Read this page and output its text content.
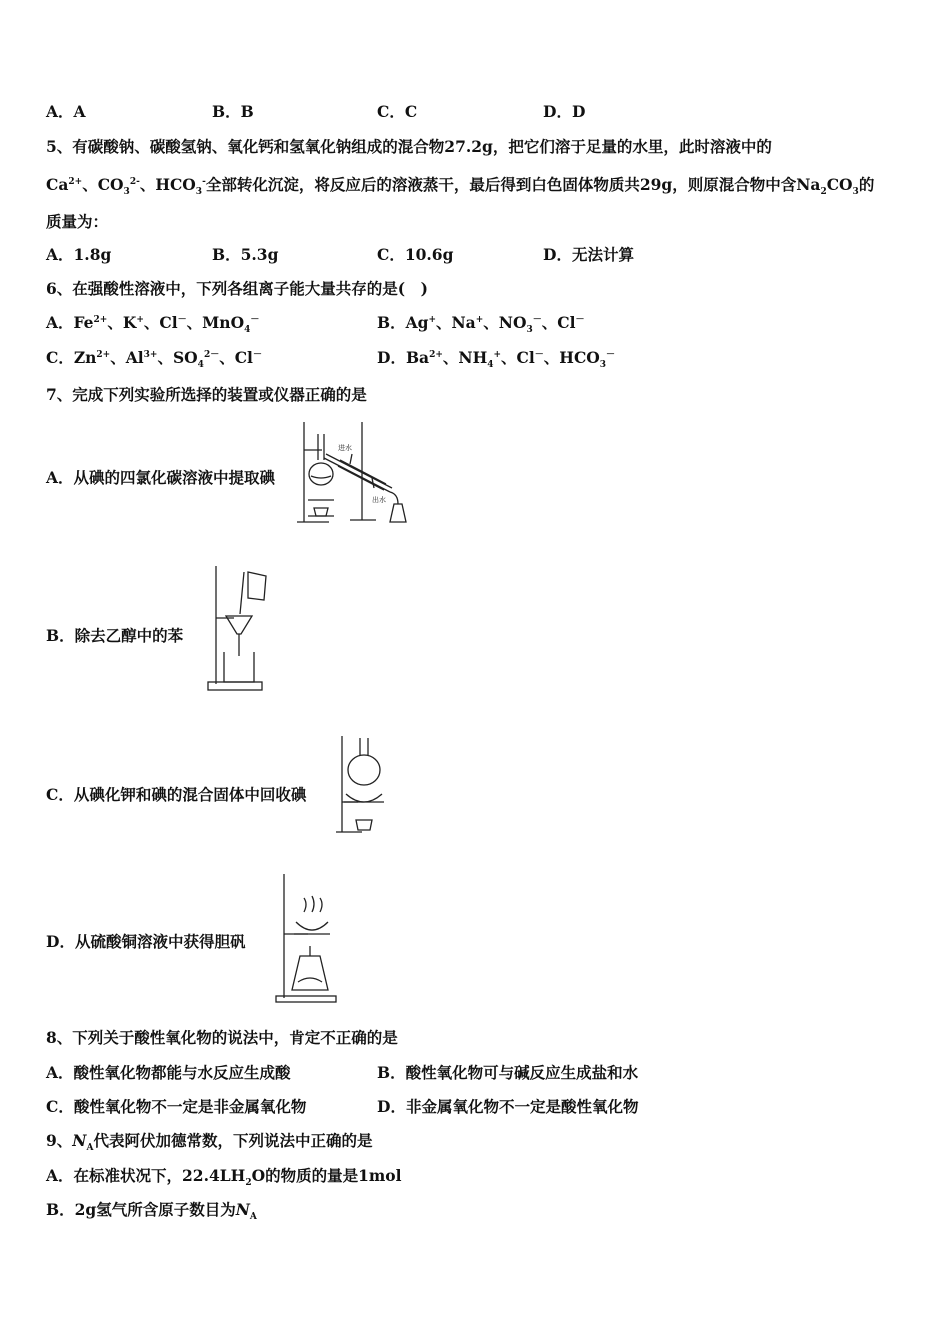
A．A	B．B	C．C	D．D
5、有碳酸钠、碳酸氢钠、氧化钙和氢氧化钠组成的混合物27.2g，把它们溶于足量的水里，此时溶液中的
$Ca^{2+}$、$CO_3^{2-}$、$HCO_3^-$全部转化沉淀，将反应后的溶液蒸干，最后得到白色固体物质共29g，则原混合物中含$Na_2CO_3$的
质量为：
A．1.8g	B．5.3g	C．10.6g	D．无法计算
6、在强酸性溶液中，下列各组离子能大量共存的是(　)
A．$Fe^{2+}$、K+、Cl－、MnO$_4$－	B．Ag+、Na+、$NO_3^-$、Cl－
C．$Zn^{2+}$、$Al^{3+}$、$SO_4^{2-}$、Cl－	D．$Ba^{2+}$、$NH_4^+$、Cl－、$HCO_3^-$
7、完成下列实验所选择的装置或仪器正确的是
A．从碘的四氯化碳溶液中提取碘
进水
出水
B．除去乙醇中的苯
C．从碘化钾和碘的混合固体中回收碘
D．从硫酸铜溶液中获得胆矾
8、下列关于酸性氧化物的说法中，肯定不正确的是
A．酸性氧化物都能与水反应生成酸	B．酸性氧化物可与碱反应生成盐和水
C．酸性氧化物不一定是非金属氧化物	D．非金属氧化物不一定是酸性氧化物
9、$N_A$代表阿伏加德常数，下列说法中正确的是
A．在标准状况下，$22.4LH_2O$的物质的量是1mol
B．2g氢气所含原子数目为$N_A$
